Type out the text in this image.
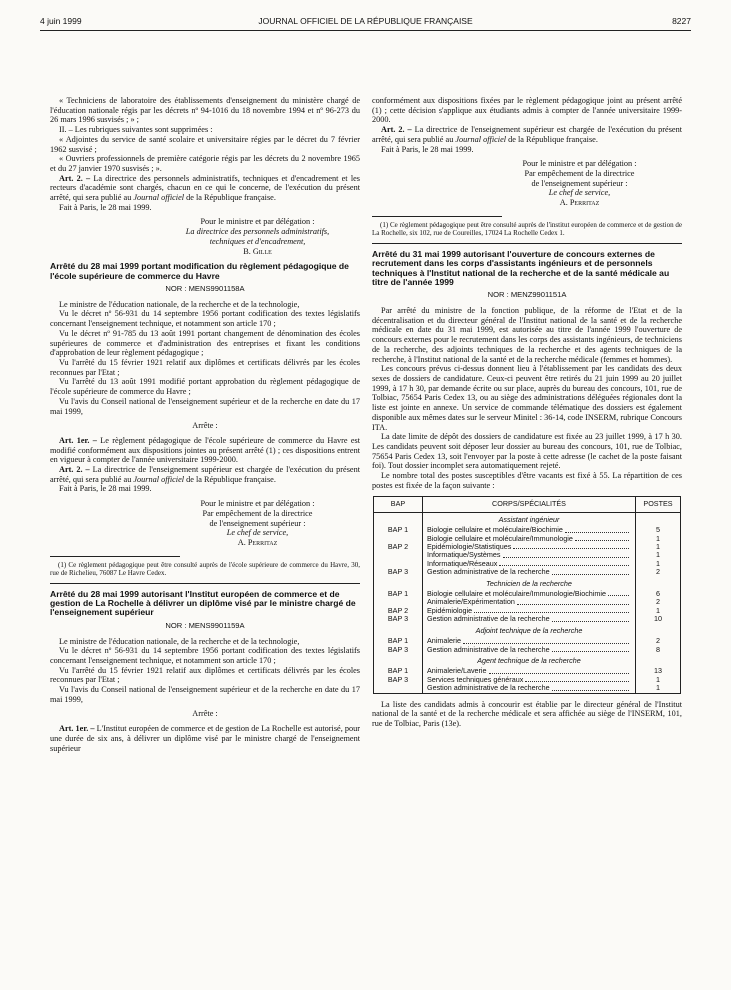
4 juin 1999	JOURNAL OFFICIEL DE LA RÉPUBLIQUE FRANÇAISE	8227

« Techniciens de laboratoire des établissements d'enseignement du ministère chargé de l'éducation nationale régis par les décrets nº 94-1016 du 18 novembre 1994 et nº 96-273 du 26 mars 1996 susvisés ; » ;

II. – Les rubriques suivantes sont supprimées :

« Adjointes du service de santé scolaire et universitaire régies par le décret du 7 février 1962 susvisé ;

« Ouvriers professionnels de première catégorie régis par les décrets du 2 novembre 1965 et du 27 janvier 1970 susvisés ; ».

Art. 2. – La directrice des personnels administratifs, techniques et d'encadrement et les recteurs d'académie sont chargés, chacun en ce qui le concerne, de l'exécution du présent arrêté, qui sera publié au Journal officiel de la République française.

Fait à Paris, le 28 mai 1999.

Pour le ministre et par délégation :

La directrice des personnels administratifs,

techniques et d'encadrement,

B. Gille

Arrêté du 28 mai 1999 portant modification du règlement pédagogique de l'école supérieure de commerce du Havre
NOR : MENS9901158A

Le ministre de l'éducation nationale, de la recherche et de la technologie,

Vu le décret nº 56-931 du 14 septembre 1956 portant codification des textes législatifs concernant l'enseignement technique, et notamment son article 170 ;

Vu le décret nº 91-785 du 13 août 1991 portant changement de dénomination des écoles supérieures de commerce et d'administration des entreprises et fixant les conditions d'approbation de leur règlement pédagogique ;

Vu l'arrêté du 15 février 1921 relatif aux diplômes et certificats délivrés par les écoles reconnues par l'Etat ;

Vu l'arrêté du 13 août 1991 modifié portant approbation du règlement pédagogique de l'école supérieure de commerce du Havre ;

Vu l'avis du Conseil national de l'enseignement supérieur et de la recherche en date du 17 mai 1999,

Arrête :

Art. 1er. – Le règlement pédagogique de l'école supérieure de commerce du Havre est modifié conformément aux dispositions jointes au présent arrêté (1) ; ces dispositions entrent en vigueur à compter de l'année universitaire 1999-2000.

Art. 2. – La directrice de l'enseignement supérieur est chargée de l'exécution du présent arrêté, qui sera publié au Journal officiel de la République française.

Fait à Paris, le 28 mai 1999.

Pour le ministre et par délégation :

Par empêchement de la directrice

de l'enseignement supérieur :

Le chef de service,

A. Perritaz

(1) Ce règlement pédagogique peut être consulté auprès de l'école supérieure de commerce du Havre, 30, rue de Richelieu, 76087 Le Havre Cedex.

Arrêté du 28 mai 1999 autorisant l'Institut européen de commerce et de gestion de La Rochelle à délivrer un diplôme visé par le ministre chargé de l'enseignement supérieur
NOR : MENS9901159A

Le ministre de l'éducation nationale, de la recherche et de la technologie,

Vu le décret nº 56-931 du 14 septembre 1956 portant codification des textes législatifs concernant l'enseignement technique, et notamment son article 170 ;

Vu l'arrêté du 15 février 1921 relatif aux diplômes et certificats délivrés par les écoles reconnues par l'Etat ;

Vu l'avis du Conseil national de l'enseignement supérieur et de la recherche en date du 17 mai 1999,

Arrête :

Art. 1er. – L'Institut européen de commerce et de gestion de La Rochelle est autorisé, pour une durée de six ans, à délivrer un diplôme visé par le ministre chargé de l'enseignement supérieur

conformément aux dispositions fixées par le règlement pédagogique joint au présent arrêté (1) ; cette décision s'applique aux étudiants admis à compter de l'année universitaire 1999-2000.

Art. 2. – La directrice de l'enseignement supérieur est chargée de l'exécution du présent arrêté, qui sera publié au Journal officiel de la République française.

Fait à Paris, le 28 mai 1999.

Pour le ministre et par délégation :

Par empêchement de la directrice

de l'enseignement supérieur :

Le chef de service,

A. Perritaz

(1) Ce règlement pédagogique peut être consulté auprès de l'institut européen de commerce et de gestion de La Rochelle, six 102, rue de Coureilles, 17024 La Rochelle Cedex 1.

Arrêté du 31 mai 1999 autorisant l'ouverture de concours externes de recrutement dans les corps d'assistants ingénieurs et de personnels techniques à l'Institut national de la recherche et de la santé médicale au titre de l'année 1999
NOR : MENZ9901151A

Par arrêté du ministre de la fonction publique, de la réforme de l'Etat et de la décentralisation et du directeur général de l'Institut national de la santé et de la recherche médicale en date du 31 mai 1999, est autorisée au titre de l'année 1999 l'ouverture de concours externes pour le recrutement dans les corps des assistants ingénieurs, de techniciens de la recherche, des adjoints techniques de la recherche et des agents techniques de la recherche, à l'Institut national de la santé et de la recherche médicale (femmes et hommes).

Les concours prévus ci-dessus donnent lieu à l'établissement par les candidats des deux sexes de dossiers de candidature. Ceux-ci peuvent être retirés du 21 juin 1999 au 20 juillet 1999, à 17 h 30, par demande écrite ou sur place, auprès du bureau des concours, 101, rue de Tolbiac, 75654 Paris Cedex 13, ou au siège des administrations déléguées régionales dont la liste est jointe en annexe. Un service de commande télématique des dossiers est également disponible aux mêmes dates sur le serveur Minitel : 36-14, code INSERM, rubrique Concours ITA.

La date limite de dépôt des dossiers de candidature est fixée au 23 juillet 1999, à 17 h 30. Les candidats peuvent soit déposer leur dossier au bureau des concours, 101, rue de Tolbiac, 75654 Paris Cedex 13, soit l'envoyer par la poste à cette adresse (le cachet de la poste faisant foi). Tout dossier incomplet sera automatiquement rejeté.

Le nombre total des postes susceptibles d'être vacants est fixé à 55. La répartition de ces postes est fixée de la façon suivante :

BAP	CORPS/SPÉCIALITÉS	POSTES
	Assistant ingénieur	
BAP 1	Biologie cellulaire et moléculaire/Biochimie	5

	Biologie cellulaire et moléculaire/Immunologie	1
BAP 2	Epidémiologie/Statistiques	1

	Informatique/Systèmes	1

	Informatique/Réseaux	1
BAP 3	Gestion administrative de la recherche	2
	Technicien de la recherche	
BAP 1	Biologie cellulaire et moléculaire/Immunologie/Biochimie	6

	Animalerie/Expérimentation	2
BAP 2	Epidémiologie	1
BAP 3	Gestion administrative de la recherche	10
	Adjoint technique de la recherche	
BAP 1	Animalerie	2
BAP 3	Gestion administrative de la recherche	8
	Agent technique de la recherche	
BAP 1	Animalerie/Laverie	13
BAP 3	Services techniques généraux	1

	Gestion administrative de la recherche	1

La liste des candidats admis à concourir est établie par le directeur général de l'Institut national de la santé et de la recherche médicale et sera affichée au siège de l'INSERM, 101, rue de Tolbiac, Paris (13e).
